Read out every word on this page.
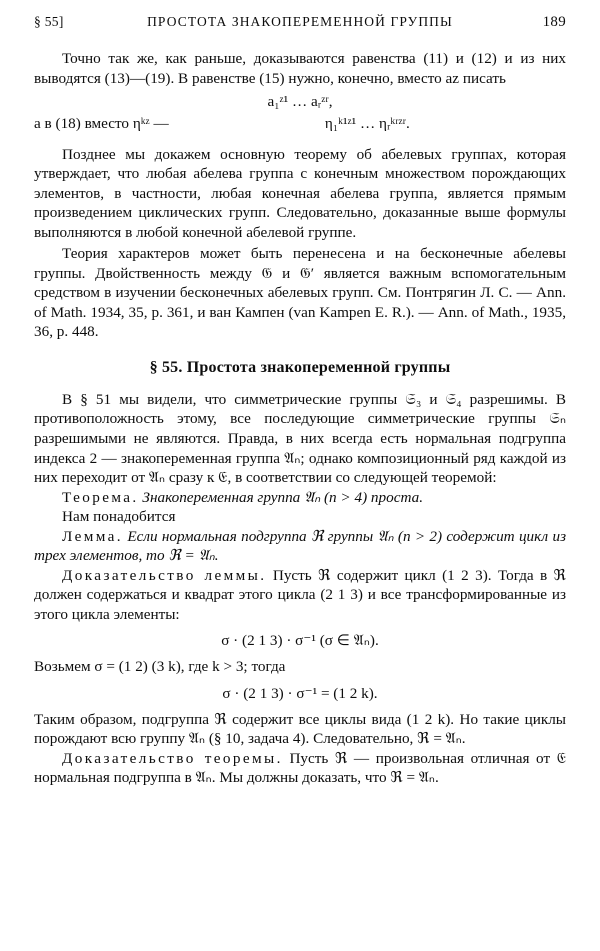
§ 55]	ПРОСТОТА ЗНАКОПЕРЕМЕННОЙ ГРУППЫ	189

Точно так же, как раньше, доказываются равенства (11) и (12) и из них выводятся (13)—(19). В равенстве (15) нужно, конечно, вместо aᴢ писать

a₁ᶻ¹ … aᵣᶻʳ,
а в (18) вместо ηᵏᶻ —	η₁ᵏ¹ᶻ¹ … ηᵣᵏʳᶻʳ.

Позднее мы докажем основную теорему об абелевых группах, которая утверждает, что любая абелева группа с конечным множеством порождающих элементов, в частности, любая конечная абелева группа, является прямым произведением циклических групп. Следовательно, доказанные выше формулы выполняются в любой конечной абелевой группе.

Теория характеров может быть перенесена и на бесконечные абелевы группы. Двойственность между 𝔊 и 𝔊′ является важным вспомогательным средством в изучении бесконечных абелевых групп. См. Понтрягин Л. С. — Ann. of Math. 1934, 35, p. 361, и ван Кампен (van Kampen E. R.). — Ann. of Math., 1935, 36, p. 448.

§ 55. Простота знакопеременной группы

В § 51 мы видели, что симметрические группы 𝔖₃ и 𝔖₄ разрешимы. В противоположность этому, все последующие симметрические группы 𝔖ₙ разрешимыми не являются. Правда, в них всегда есть нормальная подгруппа индекса 2 — знакопеременная группа 𝔄ₙ; однако композиционный ряд каждой из них переходит от 𝔄ₙ сразу к 𝔈, в соответствии со следующей теоремой:

Теорема. Знакопеременная группа 𝔄ₙ (n > 4) проста.

Нам понадобится

Лемма. Если нормальная подгруппа ℜ группы 𝔄ₙ (n > 2) содержит цикл из трех элементов, то ℜ = 𝔄ₙ.

Доказательство леммы. Пусть ℜ содержит цикл (1 2 3). Тогда в ℜ должен содержаться и квадрат этого цикла (2 1 3) и все трансформированные из этого цикла элементы:

σ · (2 1 3) · σ⁻¹ (σ ∈ 𝔄ₙ).

Возьмем σ = (1 2) (3 k), где k > 3; тогда

σ · (2 1 3) · σ⁻¹ = (1 2 k).

Таким образом, подгруппа ℜ содержит все циклы вида (1 2 k). Но такие циклы порождают всю группу 𝔄ₙ (§ 10, задача 4). Следовательно, ℜ = 𝔄ₙ.

Доказательство теоремы. Пусть ℜ — произвольная отличная от 𝔈 нормальная подгруппа в 𝔄ₙ. Мы должны доказать, что ℜ = 𝔄ₙ.
